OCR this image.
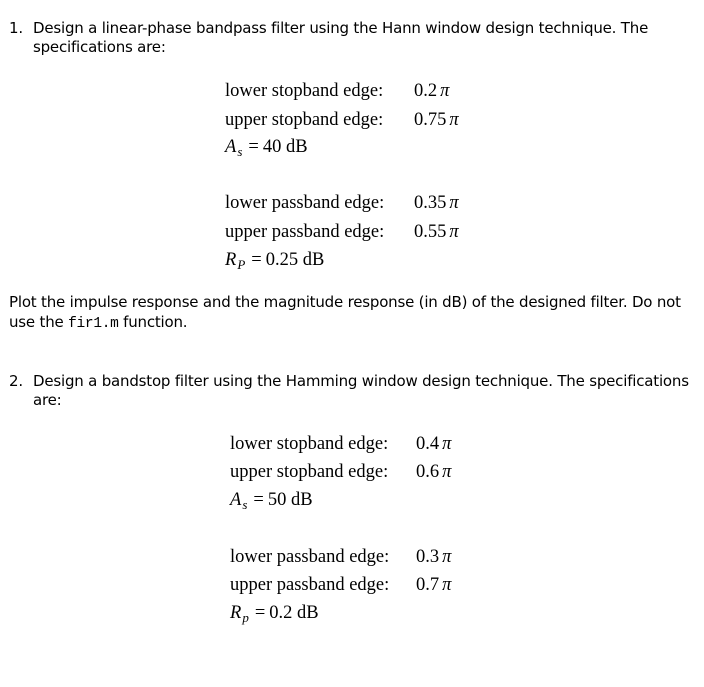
1. Design a linear-phase bandpass filter using the Hann window design technique. The
specifications are:
lower stopband edge: 0.2 π
upper stopband edge: 0.75 π
$A_s = 40$ dB
lower passband edge: 0.35 π
upper passband edge: 0.55 π
$R_P = 0.25$ dB
Plot the impulse response and the magnitude response (in dB) of the designed filter. Do not
use the fir1.m function.
2. Design a bandstop filter using the Hamming window design technique. The specifications
are:
lower stopband edge: 0.4 π
upper stopband edge: 0.6 π
$A_s = 50$ dB
lower passband edge: 0.3 π
upper passband edge: 0.7 π
$R_p = 0.2$ dB
